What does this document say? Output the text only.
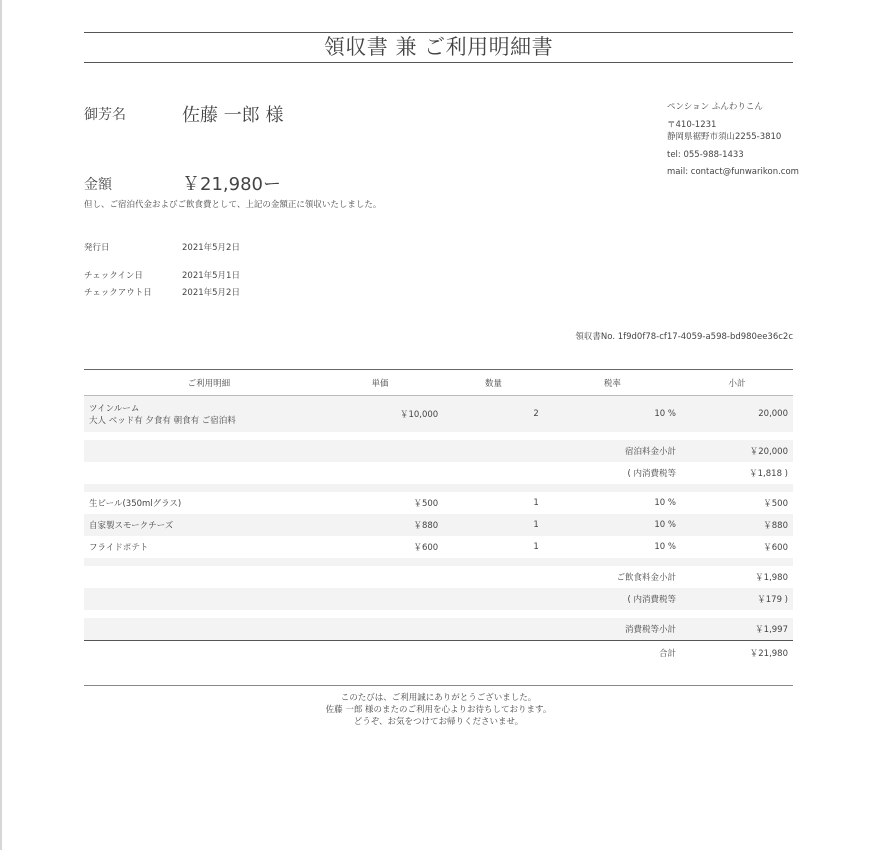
領収書 兼 ご利用明細書
御芳名	佐藤 一郎 様	ペンション ふんわりこん
〒410-1231
静岡県裾野市須山2255-3810
tel: 055-988-1433
mail: contact@funwarikon.com
金額	￥21,980ー
但し、ご宿泊代金およびご飲食費として、上記の金額正に領収いたしました。
発行日	2021年5月2日
チェックイン日	2021年5月1日
チェックアウト日	2021年5月2日
領収書No. 1f9d0f78-cf17-4059-a598-bd980ee36c2c
ご利用明細	単価	数量	税率	小計

ツインルーム
大人 ベッド有 夕食有 朝食有 ご宿泊料	￥10,000	2	10 %	20,000

			宿泊料金小計	￥20,000
			( 内消費税等	￥1,818 )

生ビール(350mlグラス)	￥500	1	10 %	￥500
自家製スモークチーズ	￥880	1	10 %	￥880
フライドポテト	￥600	1	10 %	￥600

			ご飲食料金小計	￥1,980
			( 内消費税等	￥179 )

			消費税等小計	￥1,997
			合計	￥21,980
このたびは、ご利用誠にありがとうございました。
佐藤 一郎 様のまたのご利用を心よりお待ちしております。
どうぞ、お気をつけてお帰りくださいませ。
